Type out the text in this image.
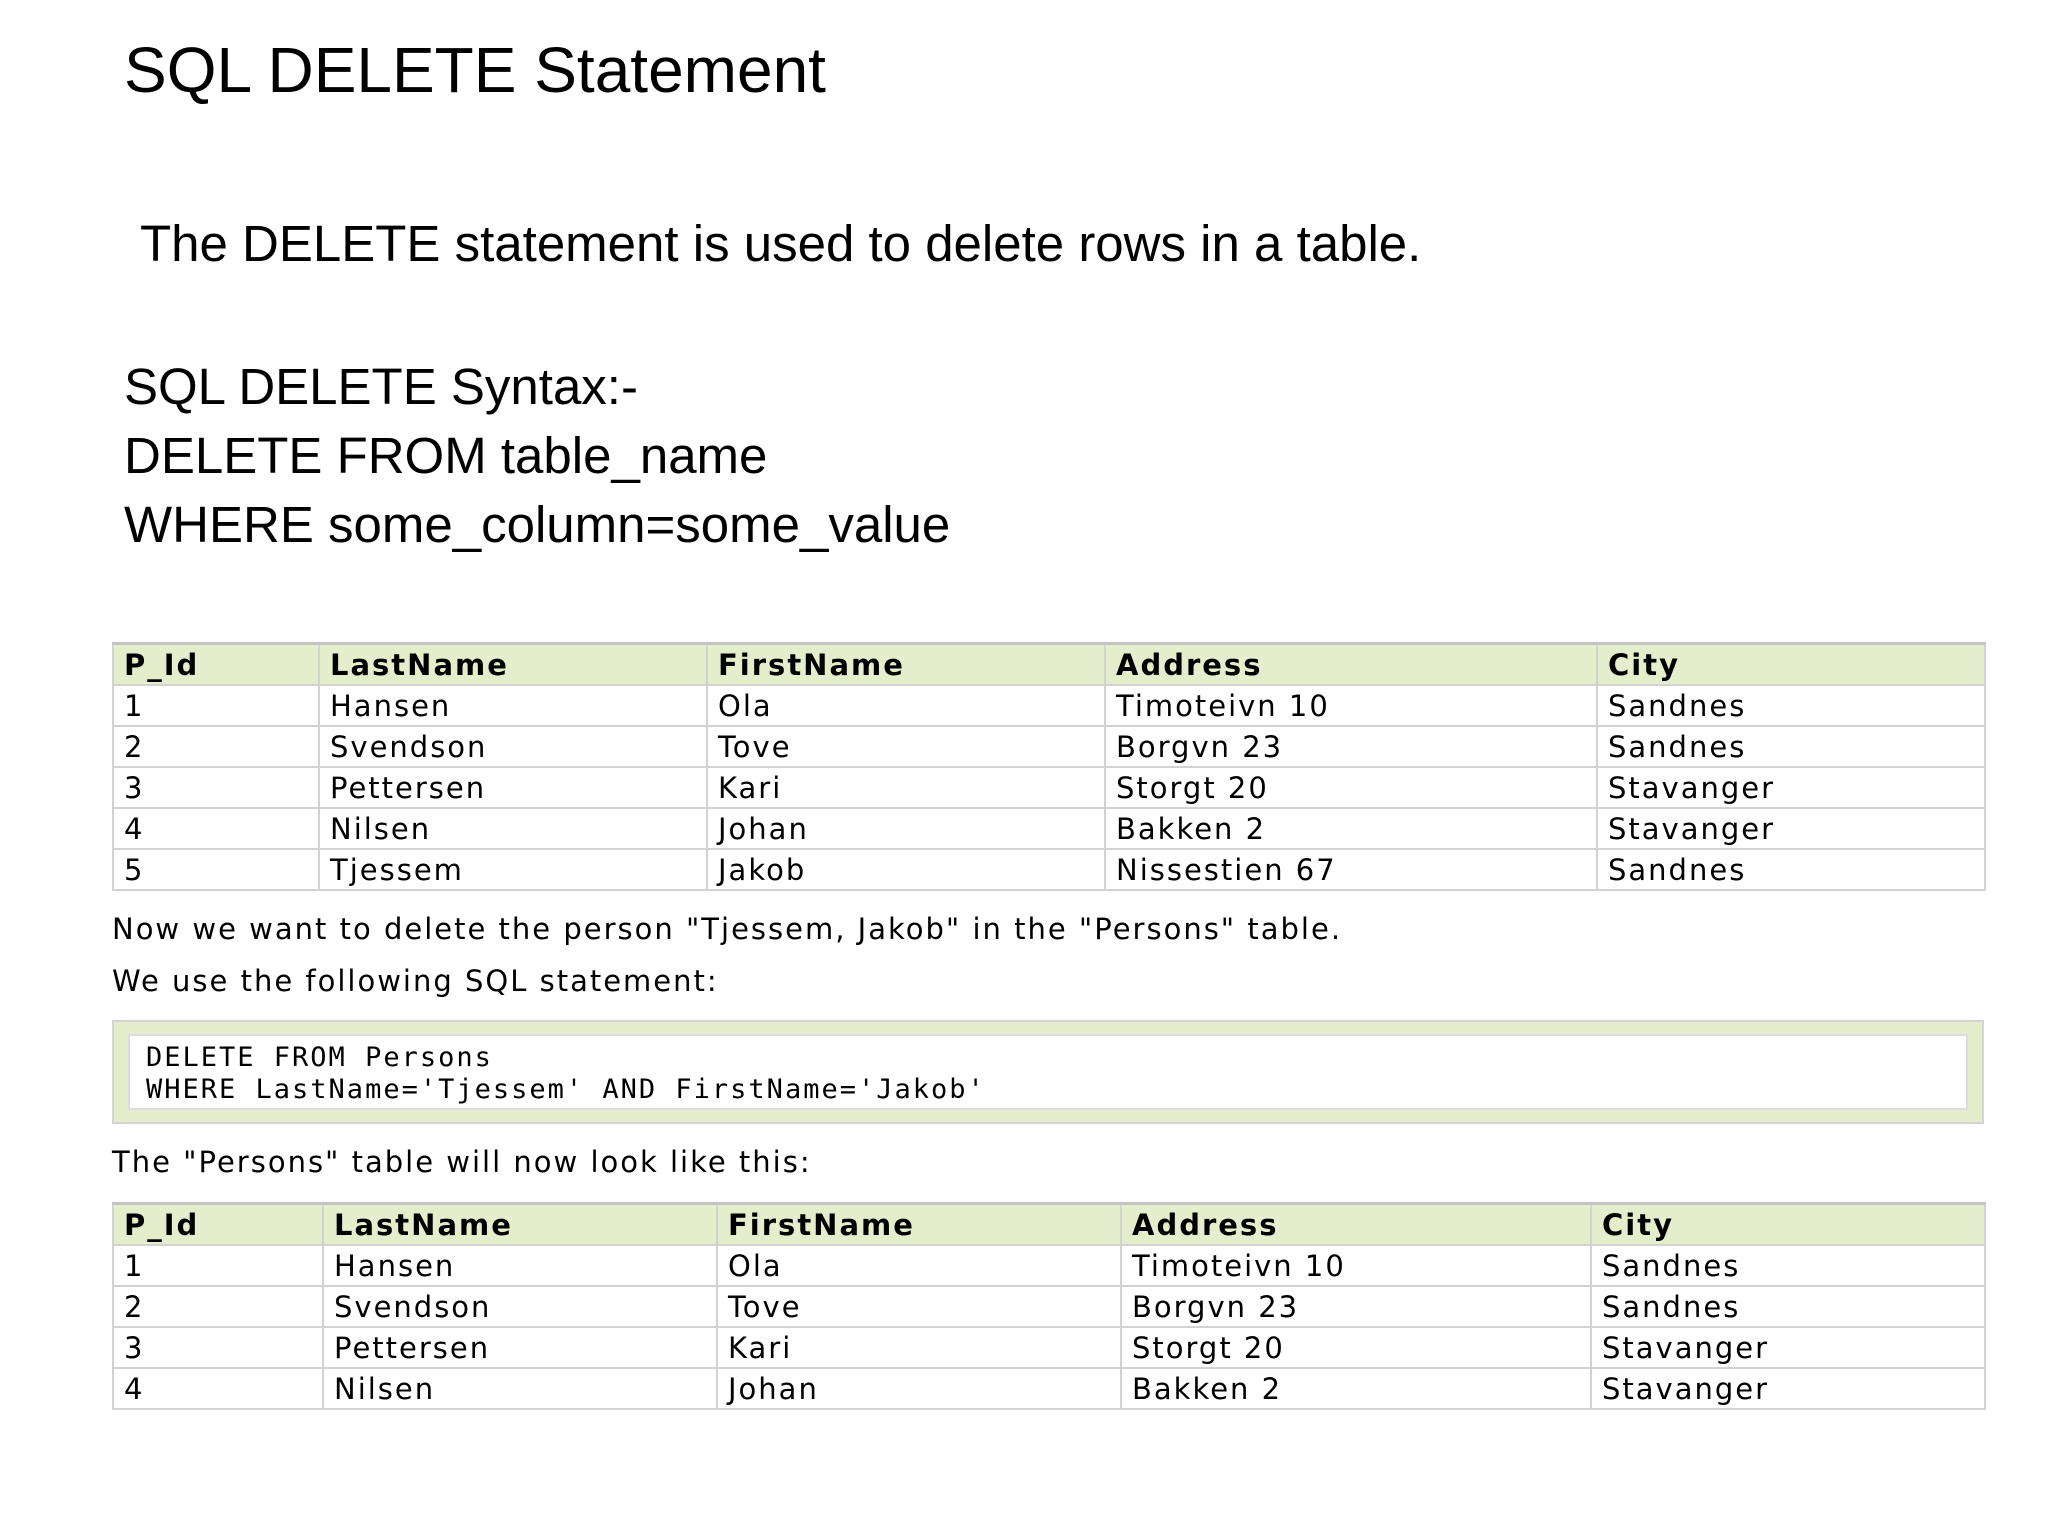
SQL DELETE Statement

The DELETE statement is used to delete rows in a table.

SQL DELETE Syntax:-
DELETE FROM table_name
WHERE some_column=some_value
P_Id	LastName	FirstName	Address	City
1	Hansen	Ola	Timoteivn 10	Sandnes
2	Svendson	Tove	Borgvn 23	Sandnes
3	Pettersen	Kari	Storgt 20	Stavanger
4	Nilsen	Johan	Bakken 2	Stavanger
5	Tjessem	Jakob	Nissestien 67	Sandnes

Now we want to delete the person "Tjessem, Jakob" in the "Persons" table.

We use the following SQL statement:

DELETE FROM Persons
WHERE LastName='Tjessem' AND FirstName='Jakob'

The "Persons" table will now look like this:

P_Id	LastName	FirstName	Address	City
1	Hansen	Ola	Timoteivn 10	Sandnes
2	Svendson	Tove	Borgvn 23	Sandnes
3	Pettersen	Kari	Storgt 20	Stavanger
4	Nilsen	Johan	Bakken 2	Stavanger
